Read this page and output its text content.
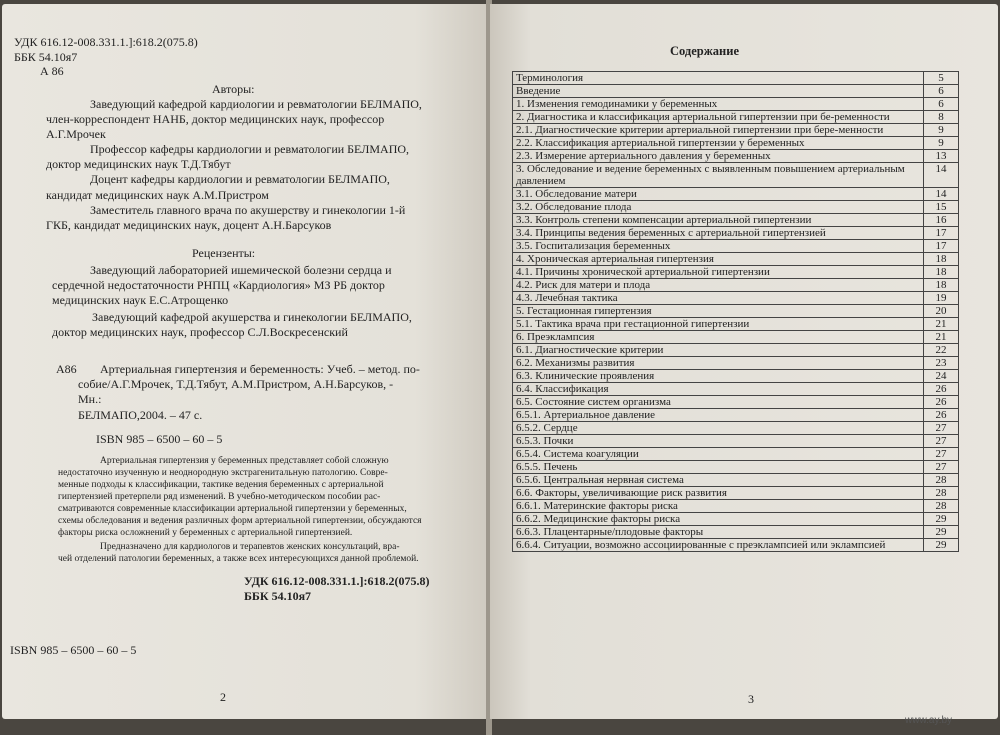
УДК 616.12-008.331.1.]:618.2(075.8)
ББК 54.10я7
А 86
Авторы:
Заведующий кафедрой кардиологии и ревматологии БЕЛМАПО,
член-корреспондент НАНБ, доктор медицинских наук, профессор
А.Г.Мрочек
Профессор кафедры кардиологии и ревматологии БЕЛМАПО,
доктор медицинских наук Т.Д.Тябут
Доцент кафедры кардиологии и ревматологии БЕЛМАПО,
кандидат медицинских наук А.М.Пристром
Заместитель главного врача по акушерству и гинекологии 1-й
ГКБ, кандидат медицинских наук, доцент А.Н.Барсуков
Рецензенты:
Заведующий лабораторией ишемической болезни сердца и
сердечной недостаточности РНПЦ «Кардиология» МЗ РБ доктор
медицинских наук Е.С.Атрощенко
Заведующий кафедрой акушерства и гинекологии БЕЛМАПО,
доктор медицинских наук, профессор С.Л.Воскресенский
А86 Артериальная гипертензия и беременность: Учеб. – метод. по-
собие/А.Г.Мрочек, Т.Д.Тябут, А.М.Пристром, А.Н.Барсуков, -
Мн.:
БЕЛМАПО,2004. – 47 с.
ISBN 985 – 6500 – 60 – 5
Артериальная гипертензия у беременных представляет собой сложную
недостаточно изученную и неоднородную экстрагенитальную патологию. Совре-
менные подходы к классификации, тактике ведения беременных с артериальной
гипертензией претерпели ряд изменений. В учебно-методическом пособии рас-
сматриваются современные классификации артериальной гипертензии у беременных,
схемы обследования и ведения различных форм артериальной гипертензии, обсуждаются
факторы риска осложнений у беременных с артериальной гипертензией.
Предназначено для кардиологов и терапевтов женских консультаций, вра-
чей отделений патологии беременных, а также всех интересующихся данной проблемой.
УДК 616.12-008.331.1.]:618.2(075.8)
ББК 54.10я7
ISBN 985 – 6500 – 60 – 5
2
Содержание
Терминология	5
Введение	6
1. Изменения гемодинамики у беременных	6
2. Диагностика и классификация артериальной гипертензии при бе-ременности	8
2.1. Диагностические критерии артериальной гипертензии при бере-менности	9
2.2. Классификация артериальной гипертензии у беременных	9
2.3. Измерение артериального давления у беременных	13
3. Обследование и ведение беременных с выявленным повышением артериальным давлением	14
3.1. Обследование матери	14
3.2. Обследование плода	15
3.3. Контроль степени компенсации артериальной гипертензии	16
3.4. Принципы ведения беременных с артериальной гипертензией	17
3.5. Госпитализация беременных	17
4. Хроническая артериальная гипертензия	18
4.1. Причины хронической артериальной гипертензии	18
4.2. Риск для матери и плода	18
4.3. Лечебная тактика	19
5. Гестационная гипертензия	20
5.1. Тактика врача при гестационной гипертензии	21
6. Преэклампсия	21
6.1. Диагностические критерии	22
6.2. Механизмы развития	23
6.3. Клинические проявления	24
6.4. Классификация	26
6.5. Состояние систем организма	26
6.5.1. Артериальное давление	26
6.5.2. Сердце	27
6.5.3. Почки	27
6.5.4. Система коагуляции	27
6.5.5. Печень	27
6.5.6. Центральная нервная система	28
6.6. Факторы, увеличивающие риск развития	28
6.6.1. Материнские факторы риска	28
6.6.2. Медицинские факторы риска	29
6.6.3. Плацентарные/плодовые факторы	29
6.6.4. Ситуации, возможно ассоциированные с преэклампсией или эклампсией	29
3
www.ay.by
